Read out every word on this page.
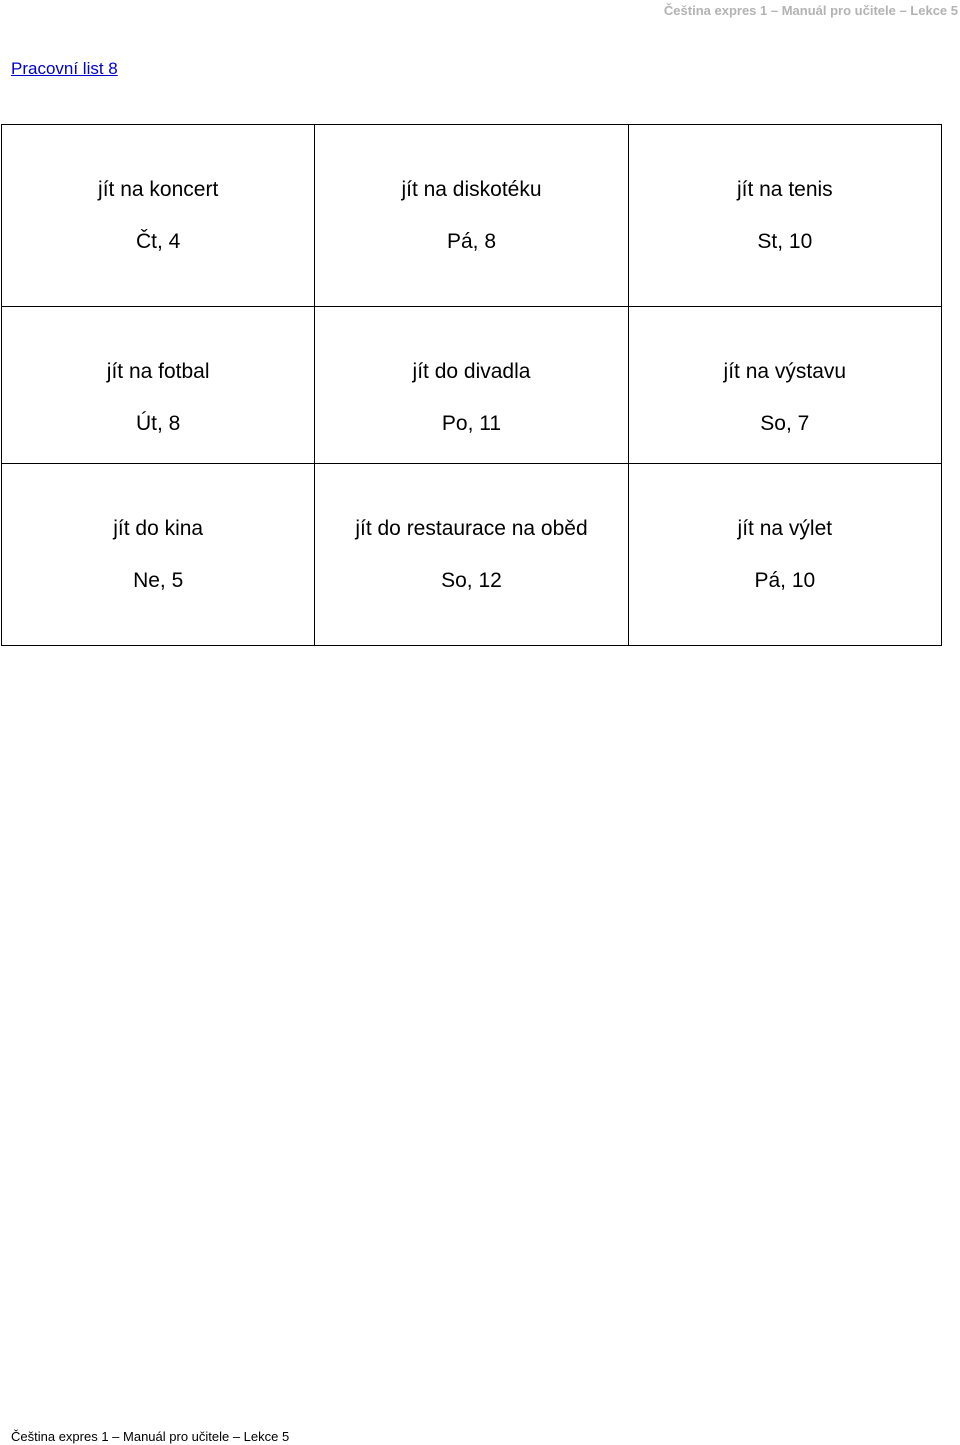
Čeština expres 1 – Manuál pro učitele – Lekce 5
Pracovní list 8
jít na koncert
Čt, 4	jít na diskotéku
Pá, 8	jít na tenis
St, 10

jít na fotbal
Út, 8	jít do divadla
Po, 11	jít na výstavu
So, 7

jít do kina
Ne, 5	jít do restaurace na oběd
So, 12	jít na výlet
Pá, 10
Čeština expres 1 – Manuál pro učitele – Lekce 5
